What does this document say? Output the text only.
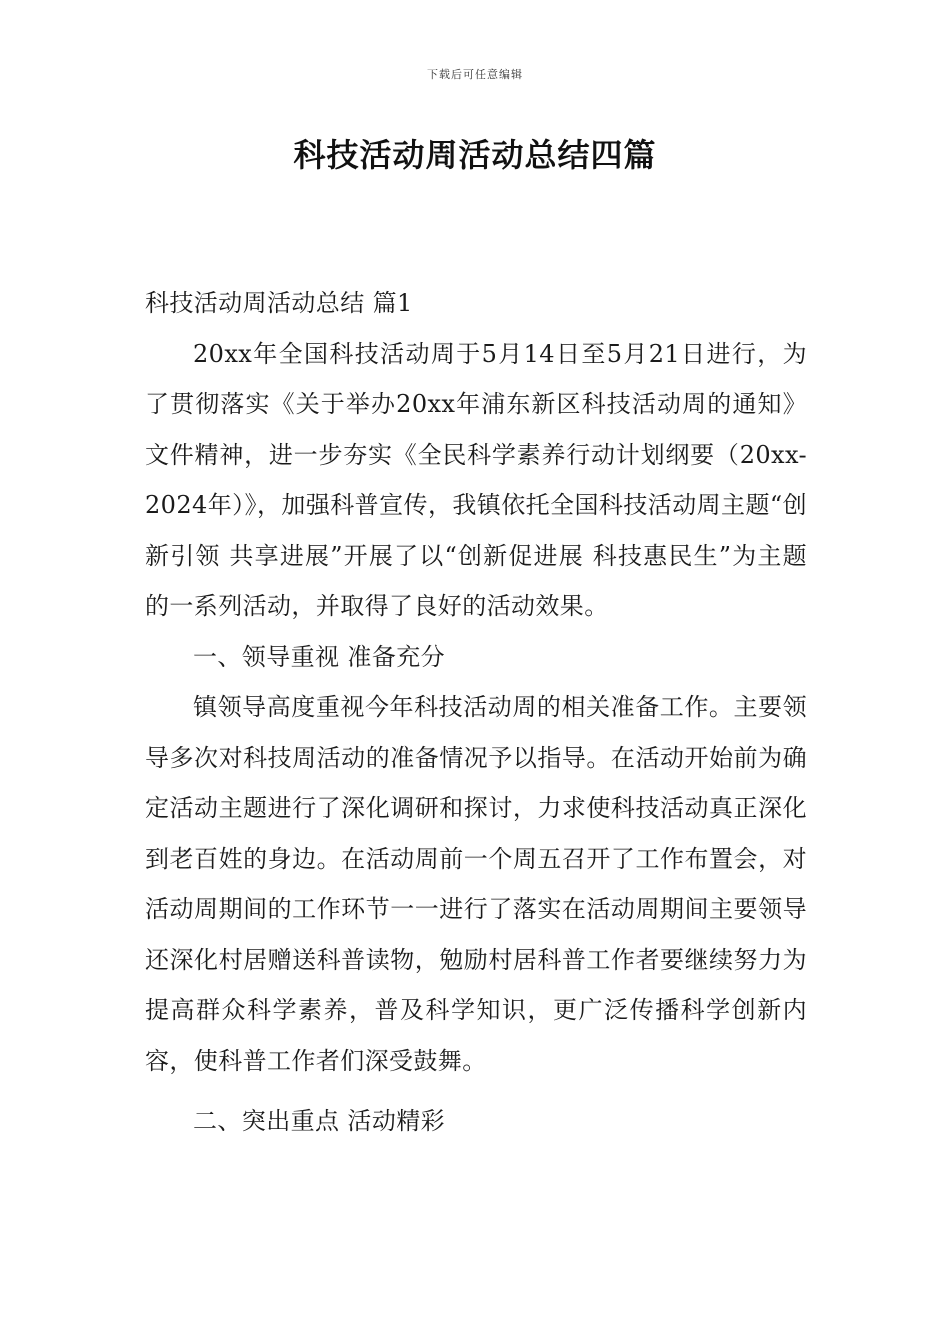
下载后可任意编辑
科技活动周活动总结四篇

科技活动周活动总结 篇1

20xx年全国科技活动周于5月14日至5月21日进行，为了贯彻落实《关于举办20xx年浦东新区科技活动周的通知》文件精神，进一步夯实《全民科学素养行动计划纲要（20xx-2024年）》，加强科普宣传，我镇依托全国科技活动周主题“创新引领 共享进展”开展了以“创新促进展 科技惠民生”为主题的一系列活动，并取得了良好的活动效果。

一、领导重视 准备充分

镇领导高度重视今年科技活动周的相关准备工作。主要领导多次对科技周活动的准备情况予以指导。在活动开始前为确定活动主题进行了深化调研和探讨，力求使科技活动真正深化到老百姓的身边。在活动周前一个周五召开了工作布置会，对活动周期间的工作环节一一进行了落实在活动周期间主要领导还深化村居赠送科普读物，勉励村居科普工作者要继续努力为提高群众科学素养，普及科学知识，更广泛传播科学创新内容，使科普工作者们深受鼓舞。

二、突出重点 活动精彩
